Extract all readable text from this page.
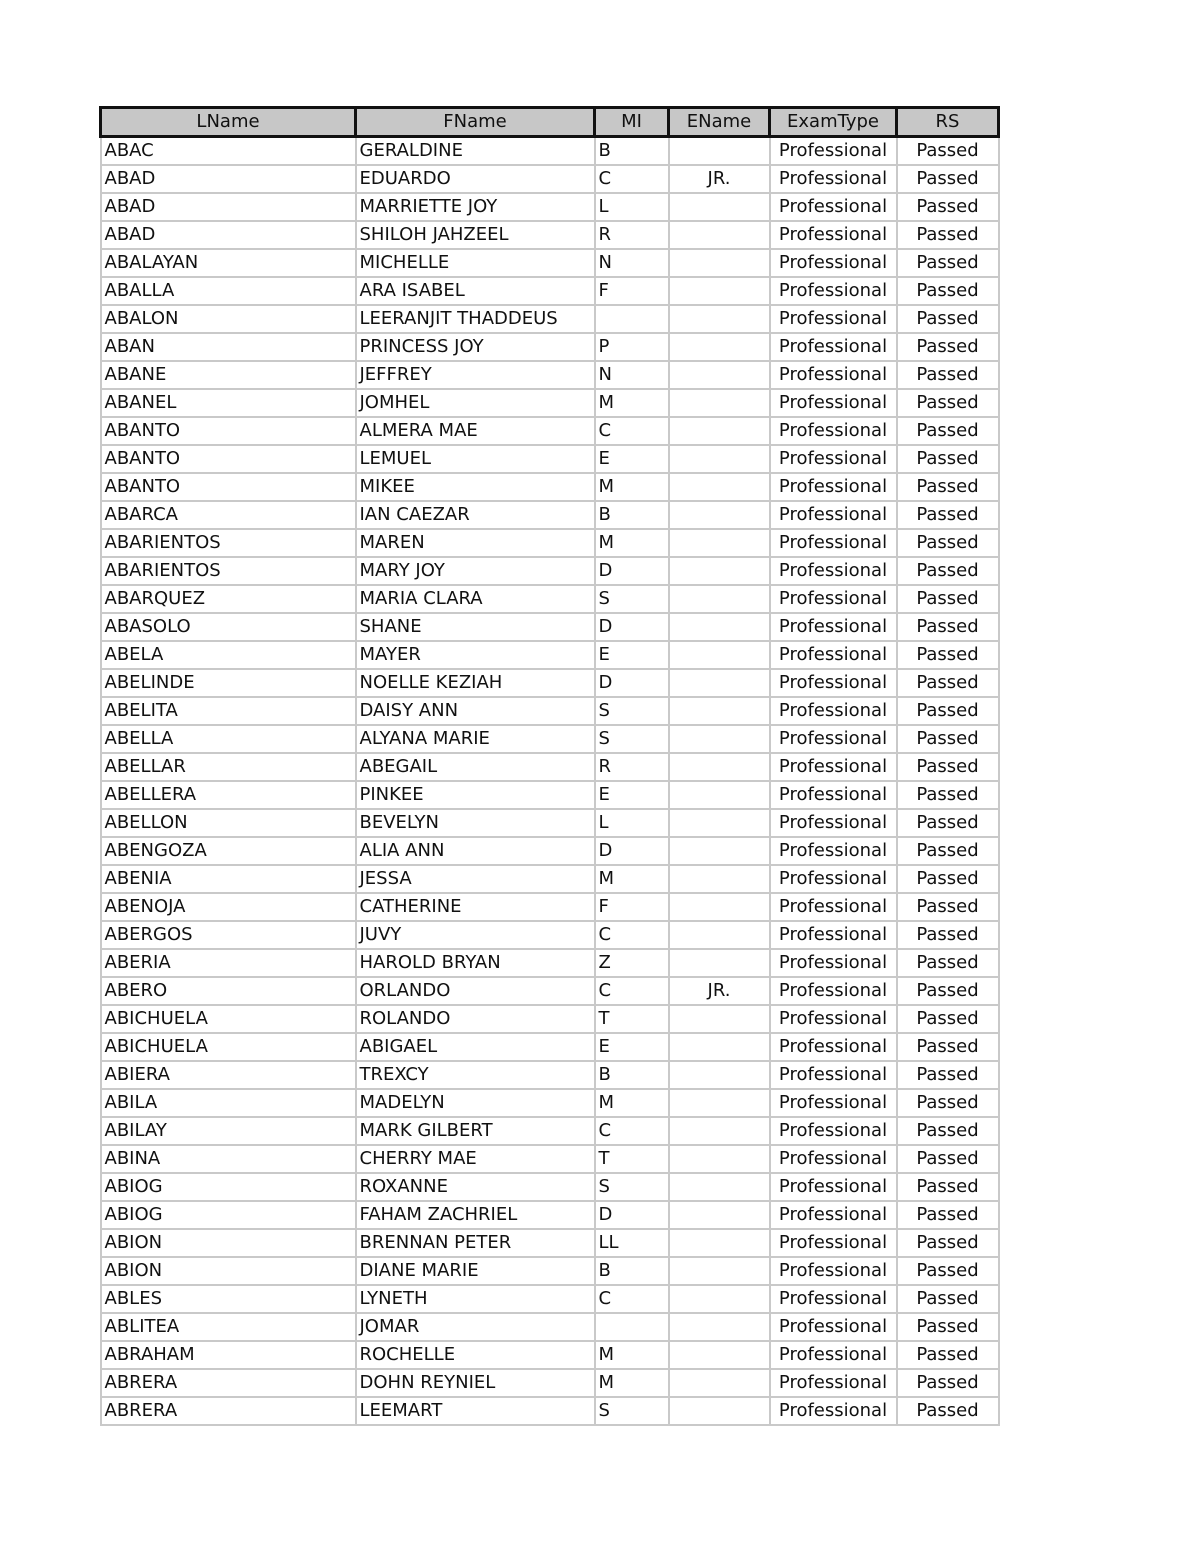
LName	FName	MI	EName	ExamType	RS
ABAC	GERALDINE	B		Professional	Passed
ABAD	EDUARDO	C	JR.	Professional	Passed
ABAD	MARRIETTE JOY	L		Professional	Passed
ABAD	SHILOH JAHZEEL	R		Professional	Passed
ABALAYAN	MICHELLE	N		Professional	Passed
ABALLA	ARA ISABEL	F		Professional	Passed
ABALON	LEERANJIT THADDEUS			Professional	Passed
ABAN	PRINCESS JOY	P		Professional	Passed
ABANE	JEFFREY	N		Professional	Passed
ABANEL	JOMHEL	M		Professional	Passed
ABANTO	ALMERA MAE	C		Professional	Passed
ABANTO	LEMUEL	E		Professional	Passed
ABANTO	MIKEE	M		Professional	Passed
ABARCA	IAN CAEZAR	B		Professional	Passed
ABARIENTOS	MAREN	M		Professional	Passed
ABARIENTOS	MARY JOY	D		Professional	Passed
ABARQUEZ	MARIA CLARA	S		Professional	Passed
ABASOLO	SHANE	D		Professional	Passed
ABELA	MAYER	E		Professional	Passed
ABELINDE	NOELLE KEZIAH	D		Professional	Passed
ABELITA	DAISY ANN	S		Professional	Passed
ABELLA	ALYANA MARIE	S		Professional	Passed
ABELLAR	ABEGAIL	R		Professional	Passed
ABELLERA	PINKEE	E		Professional	Passed
ABELLON	BEVELYN	L		Professional	Passed
ABENGOZA	ALIA ANN	D		Professional	Passed
ABENIA	JESSA	M		Professional	Passed
ABENOJA	CATHERINE	F		Professional	Passed
ABERGOS	JUVY	C		Professional	Passed
ABERIA	HAROLD BRYAN	Z		Professional	Passed
ABERO	ORLANDO	C	JR.	Professional	Passed
ABICHUELA	ROLANDO	T		Professional	Passed
ABICHUELA	ABIGAEL	E		Professional	Passed
ABIERA	TREXCY	B		Professional	Passed
ABILA	MADELYN	M		Professional	Passed
ABILAY	MARK GILBERT	C		Professional	Passed
ABINA	CHERRY MAE	T		Professional	Passed
ABIOG	ROXANNE	S		Professional	Passed
ABIOG	FAHAM ZACHRIEL	D		Professional	Passed
ABION	BRENNAN PETER	LL		Professional	Passed
ABION	DIANE MARIE	B		Professional	Passed
ABLES	LYNETH	C		Professional	Passed
ABLITEA	JOMAR			Professional	Passed
ABRAHAM	ROCHELLE	M		Professional	Passed
ABRERA	DOHN REYNIEL	M		Professional	Passed
ABRERA	LEEMART	S		Professional	Passed
